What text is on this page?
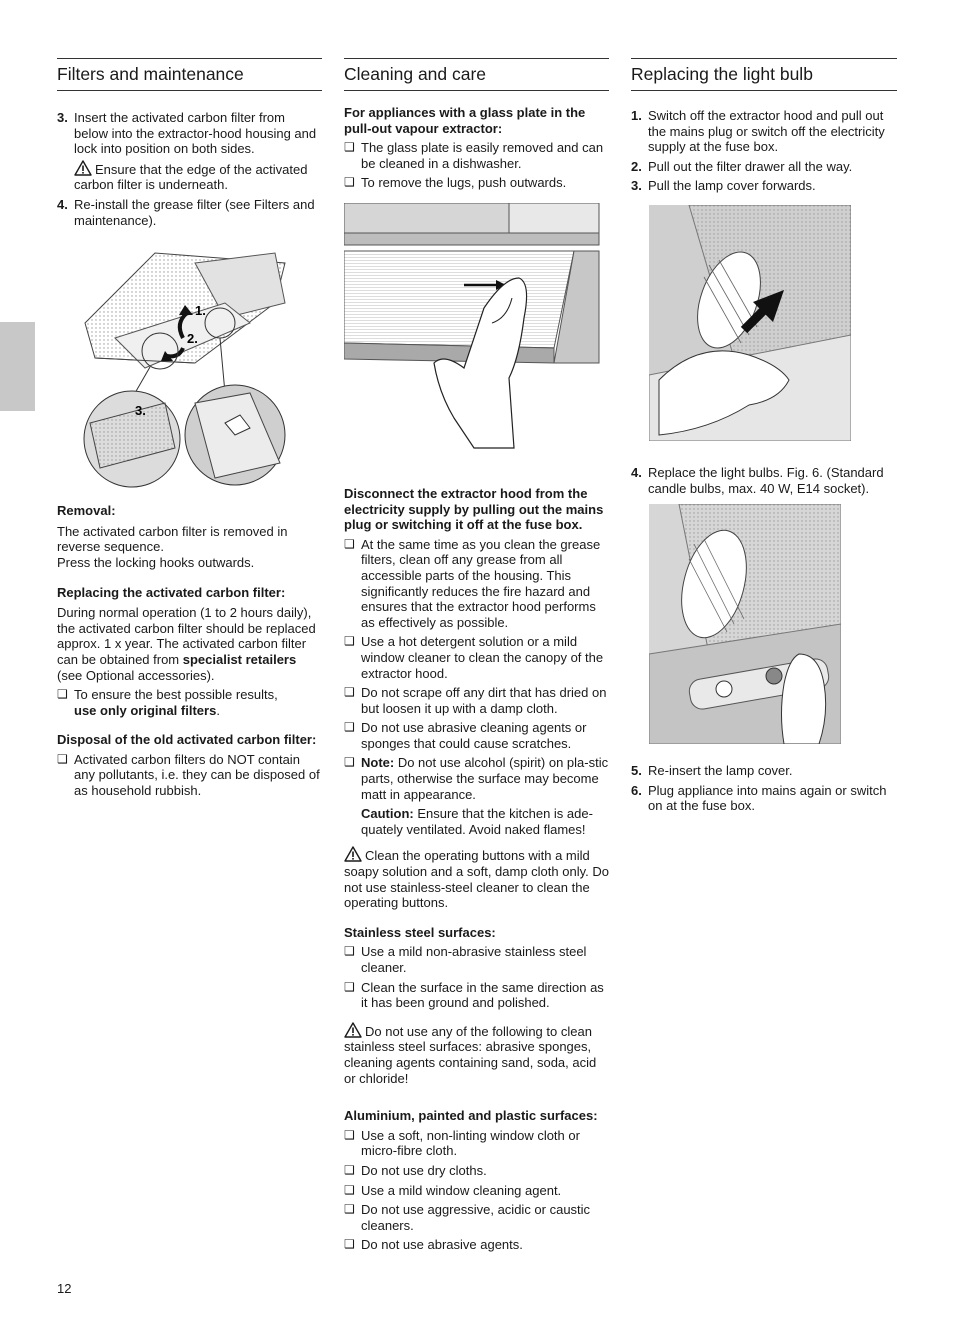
Filters and maintenance
3. Insert the activated carbon filter from below into the extractor-hood housing and lock into position on both sides.
Ensure that the edge of the activated carbon filter is underneath.
4. Re-install the grease filter (see Filters and maintenance).
1.
2.
3.

Removal:

The activated carbon filter is removed in reverse sequence.

Press the locking hooks outwards.

Replacing the activated carbon filter:

During normal operation (1 to 2 hours daily), the activated carbon filter should be replaced approx. 1 x year. The activated carbon filter can be obtained from specialist retailers (see Optional accessories).

❑ To ensure the best possible results,
use only original filters.

Disposal of the old activated carbon filter:

❑ Activated carbon filters do NOT contain any pollutants, i.e. they can be disposed of as household rubbish.
Cleaning and care

For appliances with a glass plate in the pull-out vapour extractor:

❑ The glass plate is easily removed and can be cleaned in a dishwasher.
❑ To remove the lugs, push outwards.

Disconnect the extractor hood from the electricity supply by pulling out the mains plug or switching it off at the fuse box.

❑ At the same time as you clean the grease filters, clean off any grease from all accessible parts of the housing. This significantly reduces the fire hazard and ensures that the extractor hood performs as effectively as possible.
❑ Use a hot detergent solution or a mild window cleaner to clean the canopy of the extractor hood.
❑ Do not scrape off any dirt that has dried on but loosen it up with a damp cloth.
❑ Do not use abrasive cleaning agents or sponges that could cause scratches.
❑ Note: Do not use alcohol (spirit) on pla-stic parts, otherwise the surface may become matt in appearance.
Caution: Ensure that the kitchen is ade-quately ventilated. Avoid naked flames!

Clean the operating buttons with a mild soapy solution and a soft, damp cloth only. Do not use stainless-steel cleaner to clean the operating buttons.

Stainless steel surfaces:

❑ Use a mild non-abrasive stainless steel cleaner.
❑ Clean the surface in the same direction as it has been ground and polished.

Do not use any of the following to clean stainless steel surfaces: abrasive sponges, cleaning agents containing sand, soda, acid or chloride!

Aluminium, painted and plastic surfaces:

❑ Use a soft, non-linting window cloth or micro-fibre cloth.
❑ Do not use dry cloths.
❑ Use a mild window cleaning agent.
❑ Do not use aggressive, acidic or caustic cleaners.
❑ Do not use abrasive agents.
Replacing the light bulb
1. Switch off the extractor hood and pull out the mains plug or switch off the electricity supply at the fuse box.
2. Pull out the filter drawer all the way.
3. Pull the lamp cover forwards.
4. Replace the light bulbs. Fig. 6. (Standard candle bulbs, max. 40 W, E14 socket).
5. Re-insert the lamp cover.
6. Plug appliance into mains again or switch on at the fuse box.
12
